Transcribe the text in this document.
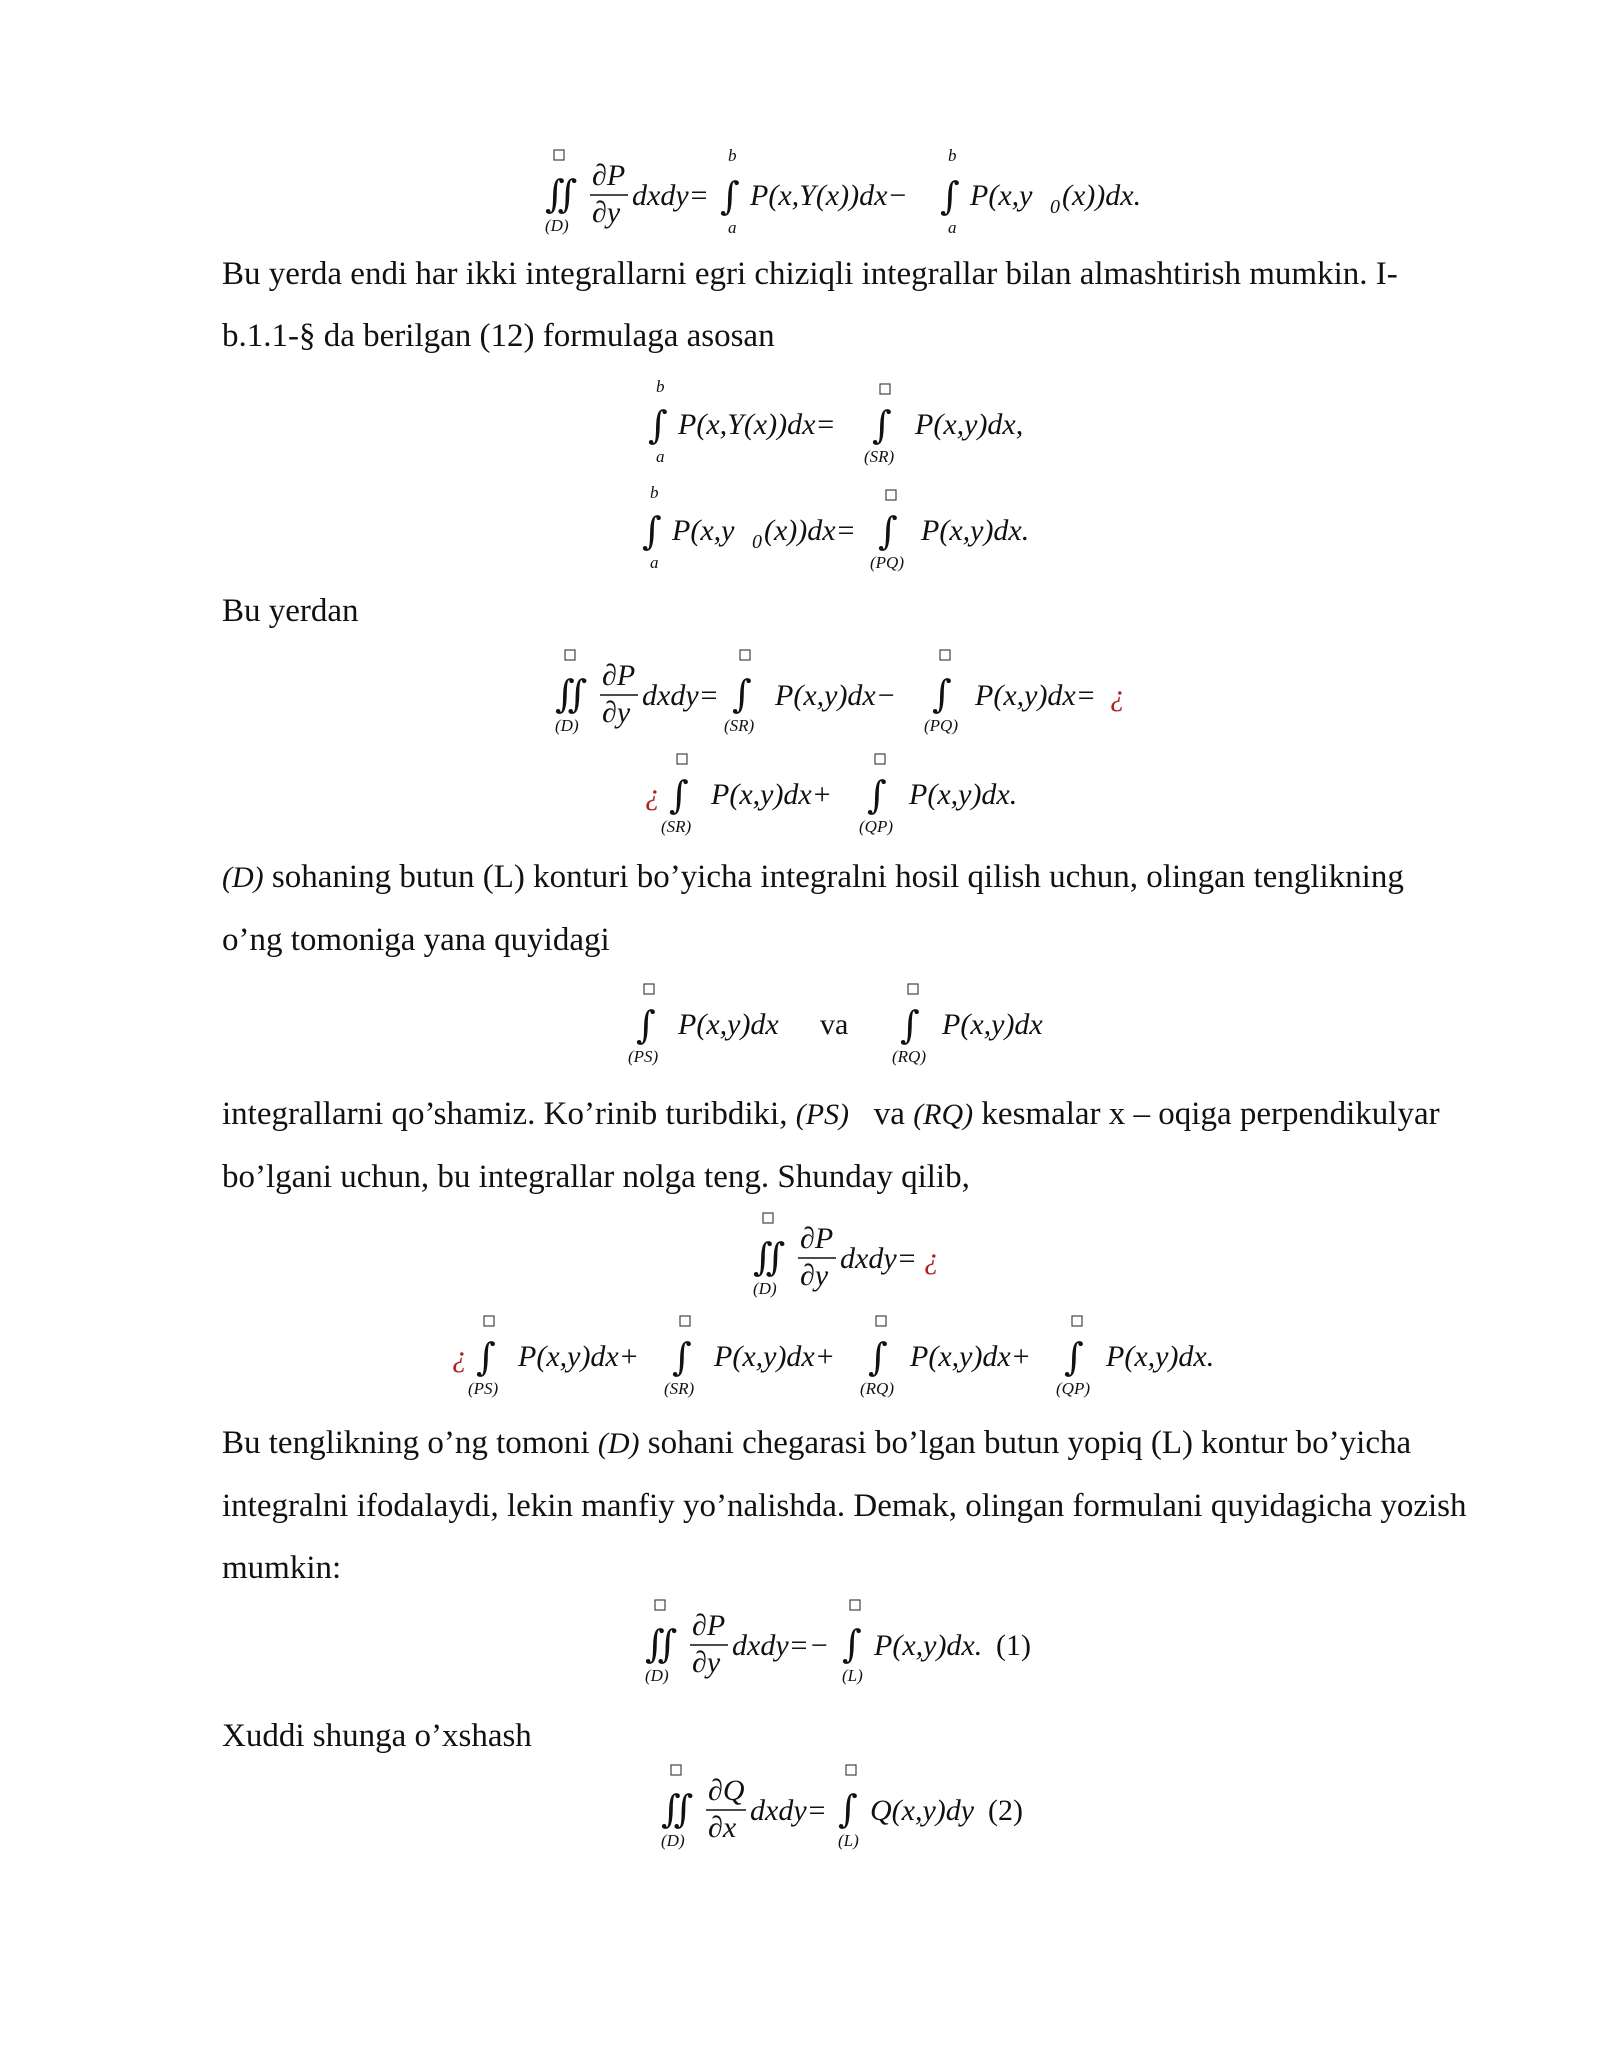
∬
(D)
∂P
∂y
dxdy=
b
∫
a
P(x,Y(x))dx−
b
∫
a
P(x,y 0 (x))dx.

Bu yerda endi har ikki integrallarni egri chiziqli integrallar bilan almashtirish mumkin. I-b.1.1-§ da berilgan (12) formulaga asosan

b
∫
a
P(x,Y(x))dx= ∫
(SR)
P(x,y)dx,
b
∫
a
P(x,y 0 (x))dx= ∫
(PQ)
P(x,y)dx.

Bu yerdan

∬
(D)
∂P
∂y
dxdy= ∫
(SR)
P(x,y)dx− ∫
(PQ)
P(x,y)dx= ¿
¿ ∫
(SR)
P(x,y)dx+ ∫
(QP)
P(x,y)dx.

(D) sohaning butun (L) konturi bo’yicha integralni hosil qilish uchun, olingan tenglikning o’ng tomoniga yana quyidagi

∫
(PS)
P(x,y)dx va ∫
(RQ)
P(x,y)dx

integrallarni qo’shamiz. Ko’rinib turibdiki, (PS) va (RQ) kesmalar x – oqiga perpendikulyar bo’lgani uchun, bu integrallar nolga teng. Shunday qilib,

∬
(D)
∂P
∂y
dxdy= ¿
¿ ∫
(PS)
P(x,y)dx+ ∫
(SR)
P(x,y)dx+ ∫
(RQ)
P(x,y)dx+ ∫
(QP)
P(x,y)dx.

Bu tenglikning o’ng tomoni (D) sohani chegarasi bo’lgan butun yopiq (L) kontur bo’yicha integralni ifodalaydi, lekin manfiy yo’nalishda. Demak, olingan formulani quyidagicha yozish mumkin:

∬
(D)
∂P
∂y
dxdy=− ∫
(L)
P(x,y)dx. (1)

Xuddi shunga o’xshash

∬
(D)
∂Q
∂x
dxdy= ∫
(L)
Q(x,y)dy (2)
